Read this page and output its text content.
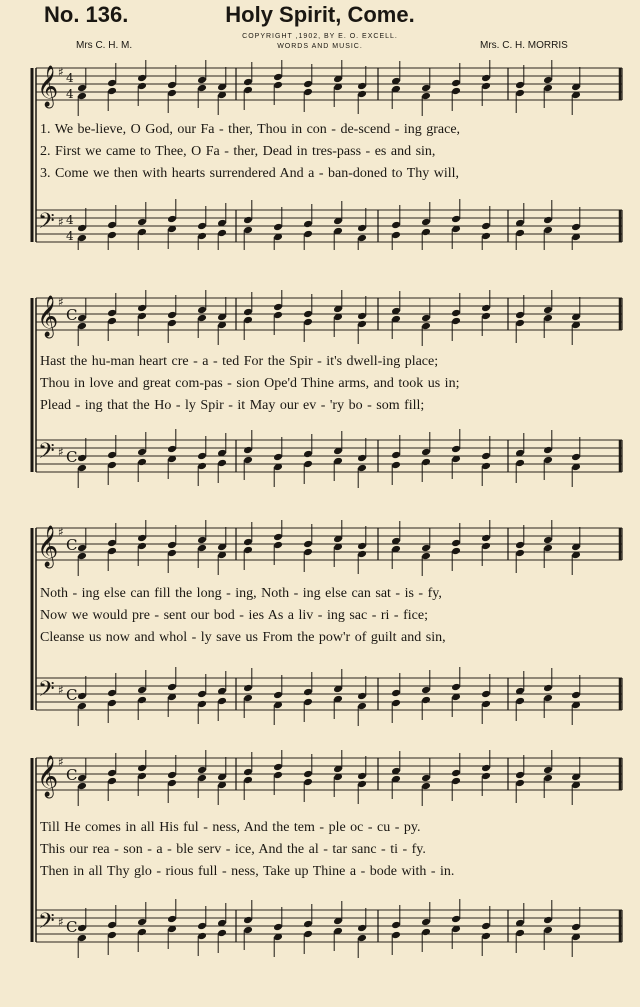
No. 136.	Holy Spirit, Come.
COPYRIGHT ,1902, BY E. O. EXCELL.
WORDS AND MUSIC.
Mrs C. H. M.	Mrs. C. H. MORRIS
𝄞
𝄢
♯
♯
4
4
4
4
1. We be-lieve, O God, our Fa - ther, Thou in con - de-scend - ing grace,
2. First we came to Thee, O Fa - ther, Dead in tres-pass - es and sin,
3. Come we then with hearts surrendered And a - ban-doned to Thy will,
𝄞
𝄢
♯
♯
C
C
Hast the hu-man heart cre - a - ted For the Spir - it's dwell-ing place;
Thou in love and great com-pas - sion Ope'd Thine arms, and took us in;
Plead - ing that the Ho - ly Spir - it May our ev - 'ry bo - som fill;
𝄞
𝄢
♯
♯
C
C
Noth - ing else can fill the long - ing, Noth - ing else can sat - is - fy,
Now we would pre - sent our bod - ies As a liv - ing sac - ri - fice;
Cleanse us now and whol - ly save us From the pow'r of guilt and sin,
𝄞
𝄢
♯
♯
C
C
Till He comes in all His ful - ness, And the tem - ple oc - cu - py.
This our rea - son - a - ble serv - ice, And the al - tar sanc - ti - fy.
Then in all Thy glo - rious full - ness, Take up Thine a - bode with - in.
